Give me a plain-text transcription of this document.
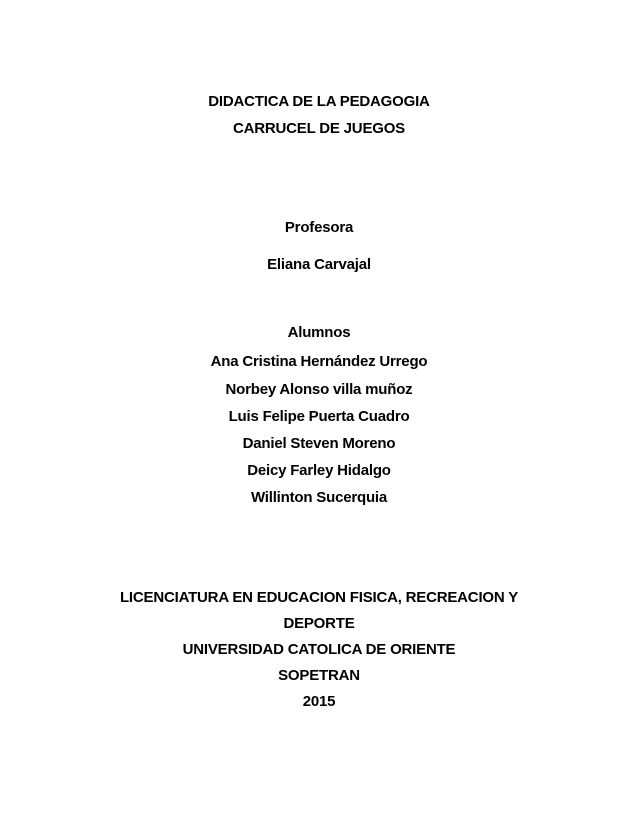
DIDACTICA DE LA PEDAGOGIA
CARRUCEL DE JUEGOS
Profesora
Eliana Carvajal
Alumnos
Ana Cristina Hernández Urrego
Norbey Alonso villa muñoz
Luis Felipe Puerta Cuadro
Daniel Steven Moreno
Deicy Farley Hidalgo
Willinton Sucerquia
LICENCIATURA EN EDUCACION FISICA, RECREACION Y
DEPORTE
UNIVERSIDAD CATOLICA DE ORIENTE
SOPETRAN
2015
